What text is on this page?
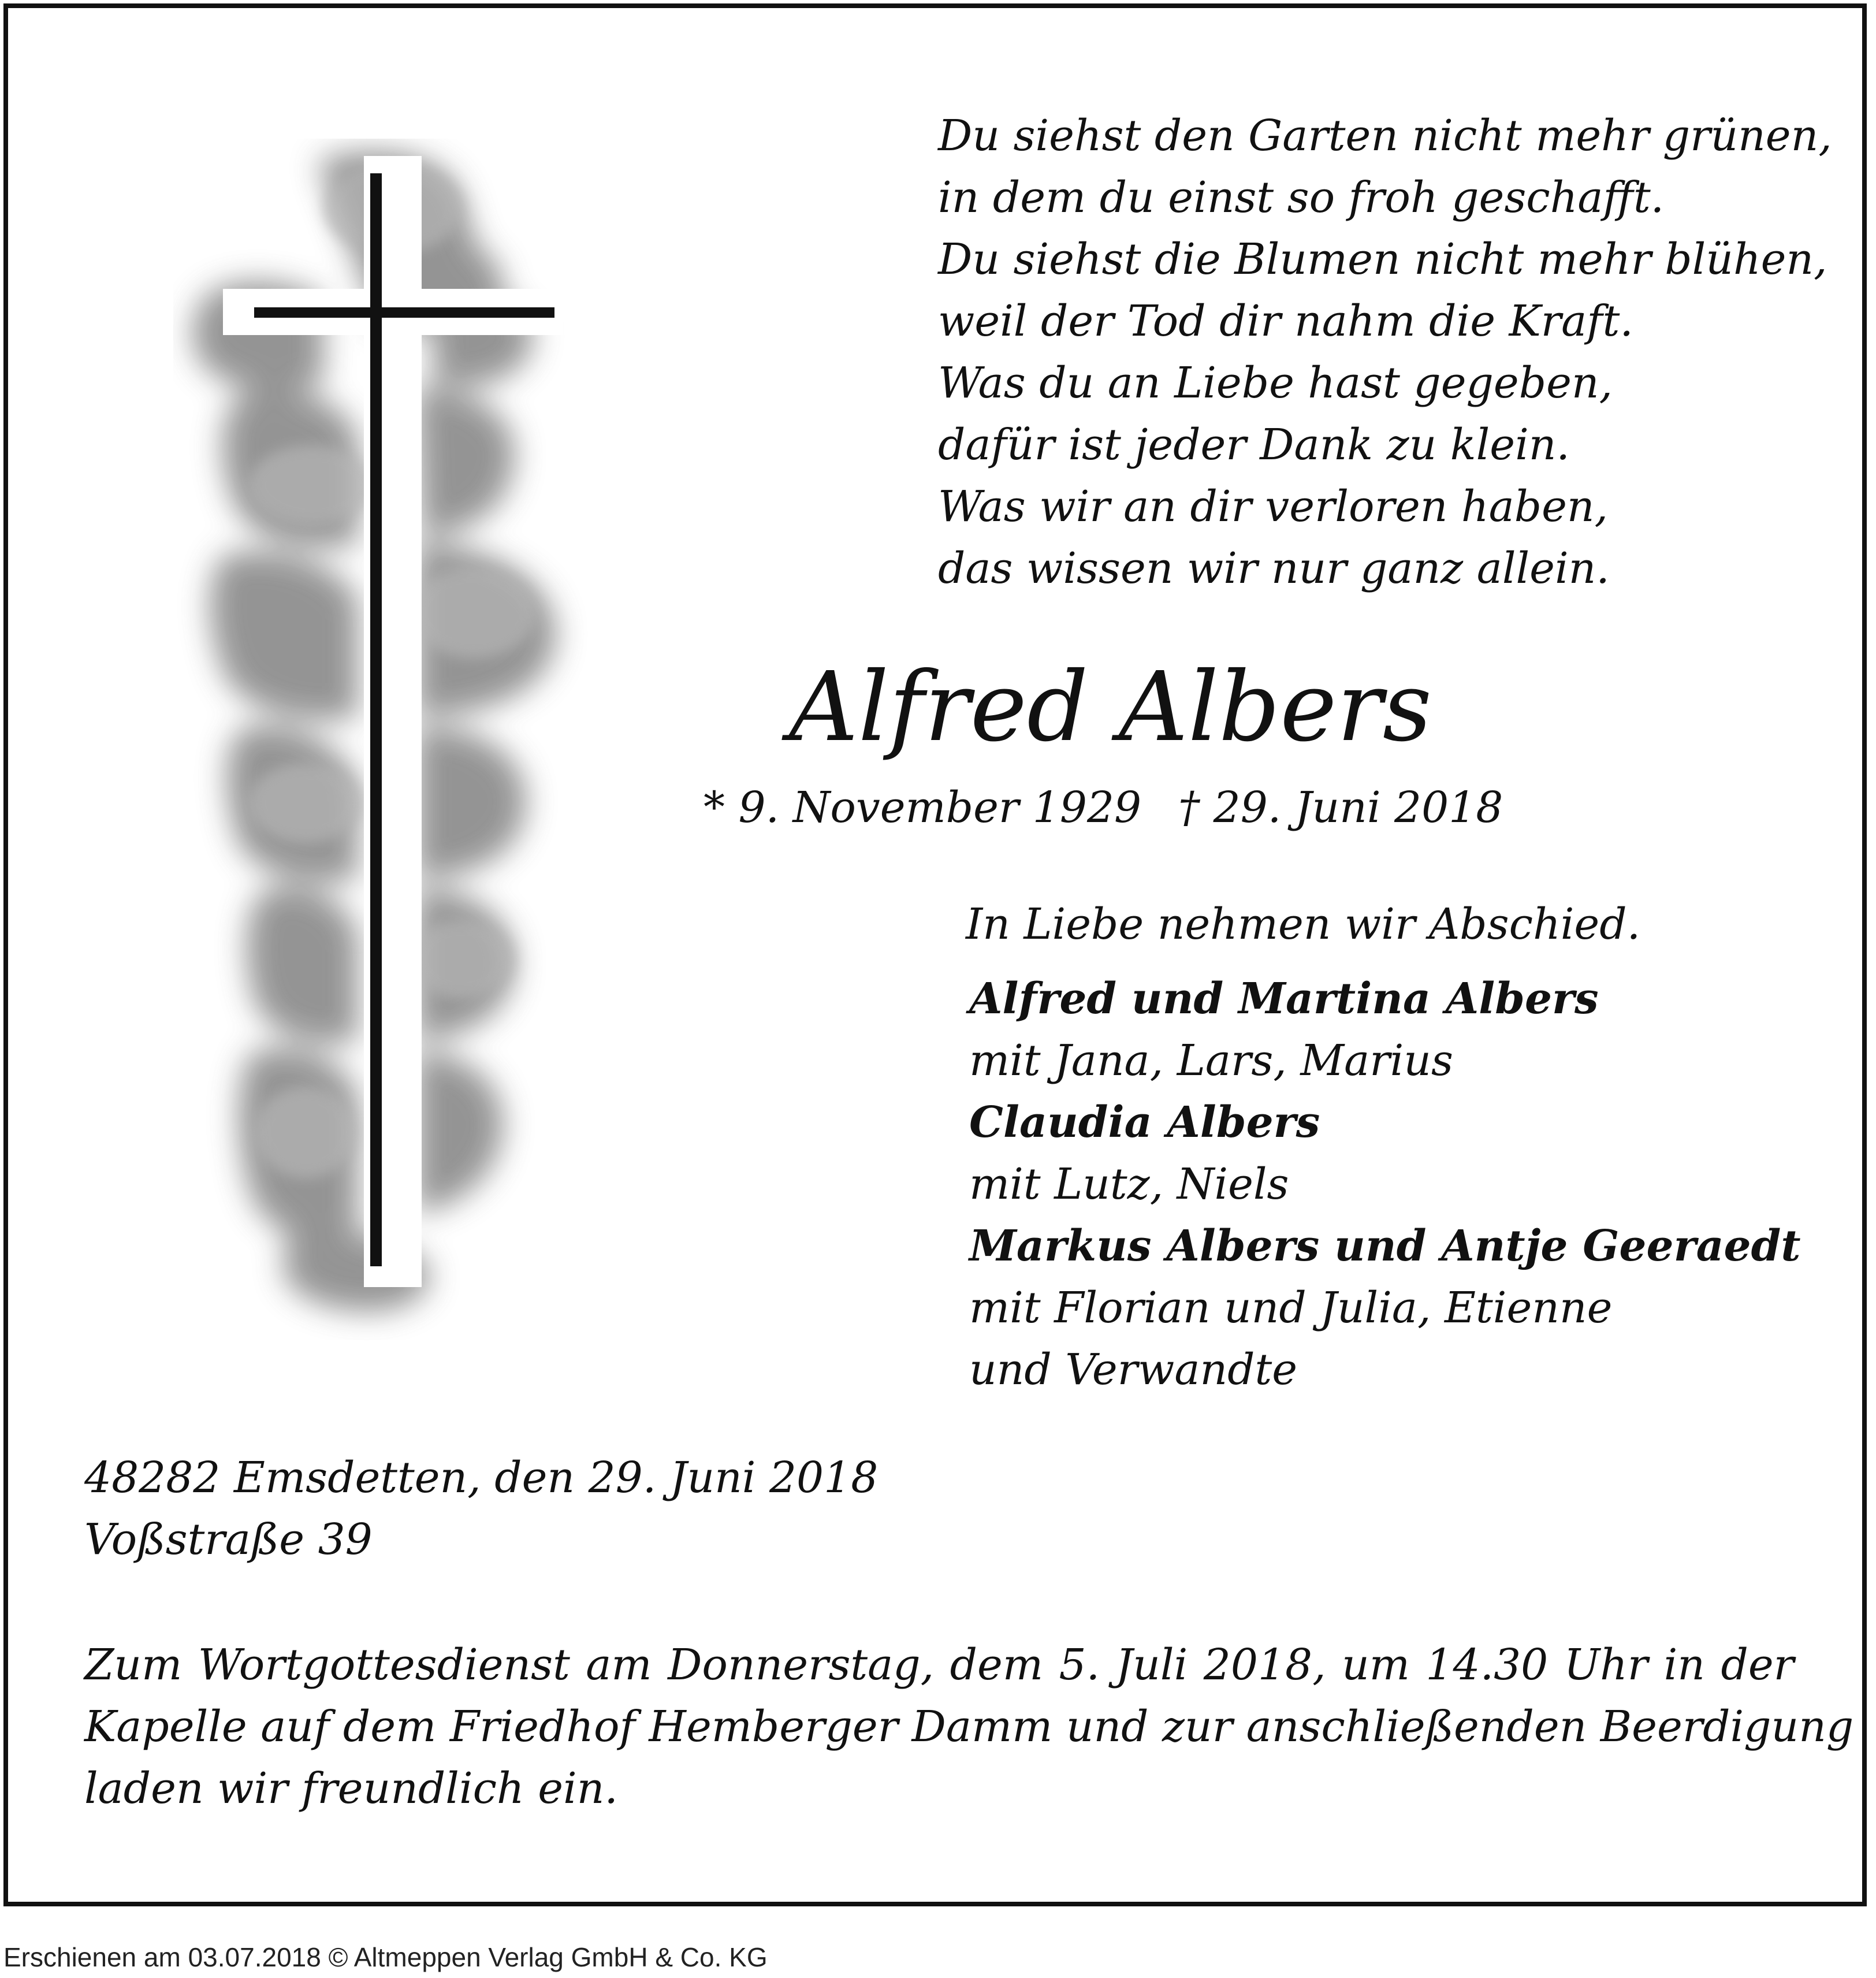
Du siehst den Garten nicht mehr grünen,
in dem du einst so froh geschafft.
Du siehst die Blumen nicht mehr blühen,
weil der Tod dir nahm die Kraft.
Was du an Liebe hast gegeben,
dafür ist jeder Dank zu klein.
Was wir an dir verloren haben,
das wissen wir nur ganz allein.
Alfred Albers
* 9. November 1929 † 29. Juni 2018
In Liebe nehmen wir Abschied.
Alfred und Martina Albers
mit Jana, Lars, Marius
Claudia Albers
mit Lutz, Niels
Markus Albers und Antje Geeraedt
mit Florian und Julia, Etienne
und Verwandte
48282 Emsdetten, den 29. Juni 2018
Voßstraße 39
Zum Wortgottesdienst am Donnerstag, dem 5. Juli 2018, um 14.30 Uhr in der
Kapelle auf dem Friedhof Hemberger Damm und zur anschließenden Beerdigung
laden wir freundlich ein.
Erschienen am 03.07.2018 © Altmeppen Verlag GmbH & Co. KG
